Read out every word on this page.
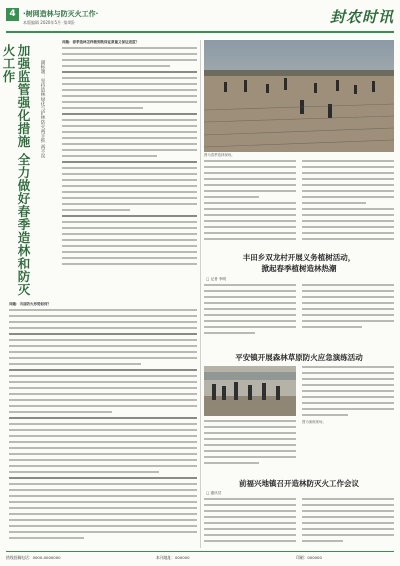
4	·树网造林与防灭火工作·
本版编辑 2020年5月 ·第4版·	封农时讯
加强监管强化措施 全力做好春季造林和防灭火工作	副标题：坚持造林绿化与护林防火两手抓 两不误
问题：春季造林怎样做到既保证质量又保证进度？
问题：当前防火形势如何？
图为春季造林现场。
丰田乡双龙村开展义务植树活动，
掀起春季植树造林热潮
□ 记者 李明
平安镇开展森林草原防火应急演练活动
图为演练现场。
前福兴地镇召开造林防灭火工作会议
□ 通讯员
热线投稿电话：0000-0000000	本刊地址：000000	印刷：000000
